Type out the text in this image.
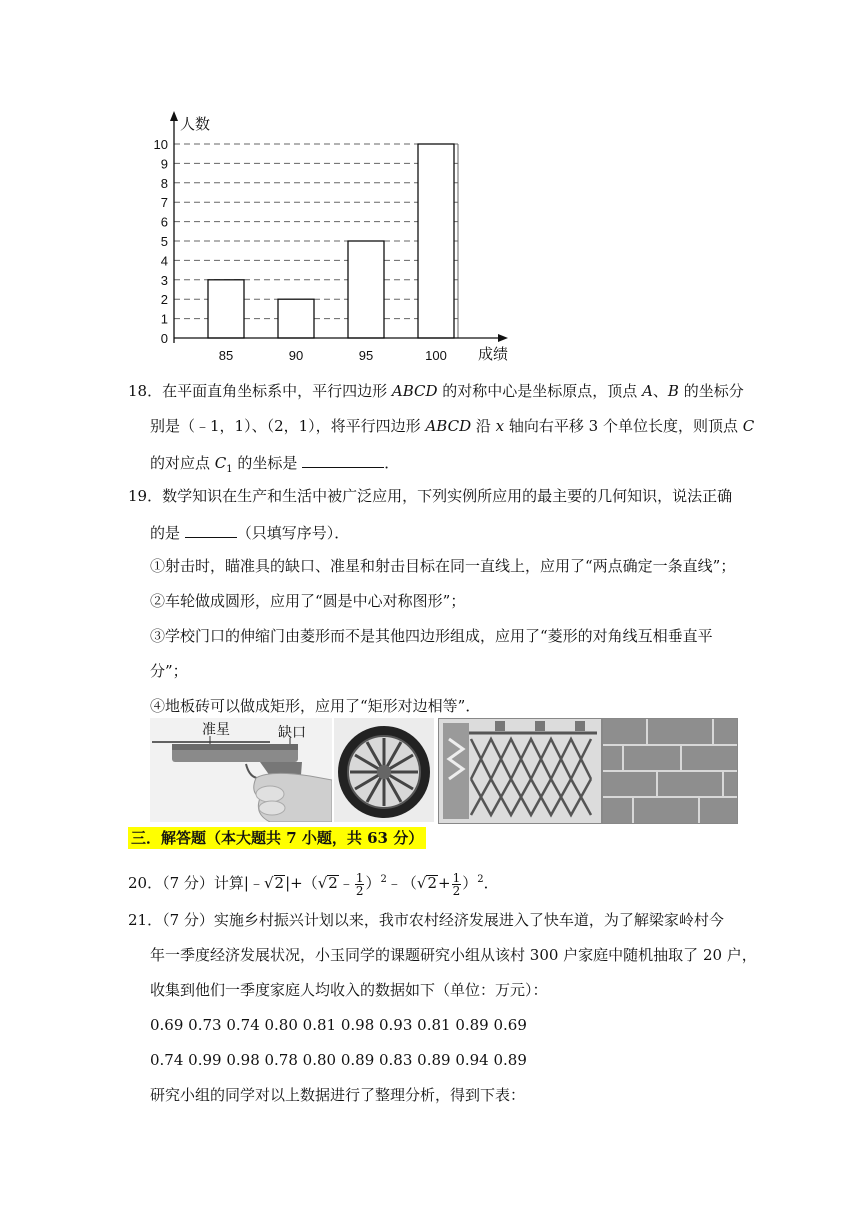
0
1
2
3
4
5
6
7
8
9
10
85	90	95	100
人数
成绩
18．在平面直角坐标系中，平行四边形 ABCD 的对称中心是坐标原点，顶点 A、B 的坐标分
别是（﹣1，1）、（2，1），将平行四边形 ABCD 沿 x 轴向右平移 3 个单位长度，则顶点 C
的对应点 $C_1$ 的坐标是	．
19．数学知识在生产和生活中被广泛应用，下列实例所应用的最主要的几何知识，说法正确
的是	（只填写序号）．
①射击时，瞄准具的缺口、准星和射击目标在同一直线上，应用了“两点确定一条直线”；
②车轮做成圆形，应用了“圆是中心对称图形”；
③学校门口的伸缩门由菱形而不是其他四边形组成，应用了“菱形的对角线互相垂直平
分”；
④地板砖可以做成矩形，应用了“矩形对边相等”．
准星	缺口
三．解答题（本大题共 7 小题，共 63 分）
20．（7 分）计算|﹣√2|+（√2﹣ $\frac{1}{2}$ ）$^2$﹣（√2+ $\frac{1}{2} )^2$．
21．（7 分）实施乡村振兴计划以来，我市农村经济发展进入了快车道，为了解梁家岭村今
年一季度经济发展状况，小玉同学的课题研究小组从该村 300 户家庭中随机抽取了 20 户，
收集到他们一季度家庭人均收入的数据如下（单位：万元）：
0.69 0.73 0.74 0.80 0.81 0.98 0.93 0.81 0.89 0.69
0.74 0.99 0.98 0.78 0.80 0.89 0.83 0.89 0.94 0.89
研究小组的同学对以上数据进行了整理分析，得到下表：
